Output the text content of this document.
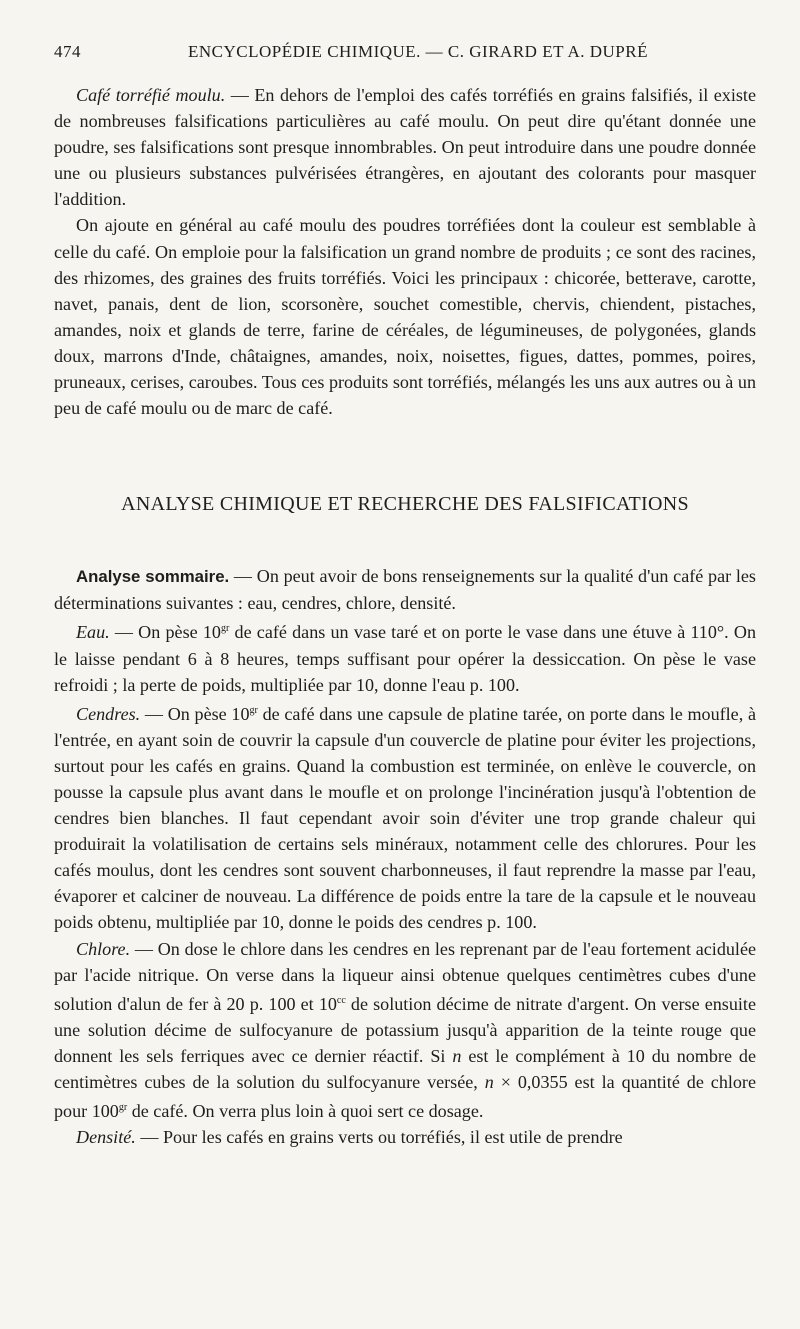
474	ENCYCLOPÉDIE CHIMIQUE. — C. GIRARD ET A. DUPRÉ

Café torréfié moulu. — En dehors de l'emploi des cafés torréfiés en grains falsifiés, il existe de nombreuses falsifications particulières au café moulu. On peut dire qu'étant donnée une poudre, ses falsifications sont presque innombrables. On peut introduire dans une poudre donnée une ou plusieurs substances pulvérisées étrangères, en ajoutant des colorants pour masquer l'addition.

On ajoute en général au café moulu des poudres torréfiées dont la couleur est semblable à celle du café. On emploie pour la falsification un grand nombre de produits ; ce sont des racines, des rhizomes, des graines des fruits torréfiés. Voici les principaux : chicorée, betterave, carotte, navet, panais, dent de lion, scorsonère, souchet comestible, chervis, chiendent, pistaches, amandes, noix et glands de terre, farine de céréales, de légumineuses, de polygonées, glands doux, marrons d'Inde, châtaignes, amandes, noix, noisettes, figues, dattes, pommes, poires, pruneaux, cerises, caroubes. Tous ces produits sont torréfiés, mélangés les uns aux autres ou à un peu de café moulu ou de marc de café.

ANALYSE CHIMIQUE ET RECHERCHE DES FALSIFICATIONS

Analyse sommaire. — On peut avoir de bons renseignements sur la qualité d'un café par les déterminations suivantes : eau, cendres, chlore, densité.

Eau. — On pèse $10^{gr}$ de café dans un vase taré et on porte le vase dans une étuve à 110°. On le laisse pendant 6 à 8 heures, temps suffisant pour opérer la dessiccation. On pèse le vase refroidi ; la perte de poids, multipliée par 10, donne l'eau p. 100.

Cendres. — On pèse $10^{gr}$ de café dans une capsule de platine tarée, on porte dans le moufle, à l'entrée, en ayant soin de couvrir la capsule d'un couvercle de platine pour éviter les projections, surtout pour les cafés en grains. Quand la combustion est terminée, on enlève le couvercle, on pousse la capsule plus avant dans le moufle et on prolonge l'incinération jusqu'à l'obtention de cendres bien blanches. Il faut cependant avoir soin d'éviter une trop grande chaleur qui produirait la volatilisation de certains sels minéraux, notamment celle des chlorures. Pour les cafés moulus, dont les cendres sont souvent charbonneuses, il faut reprendre la masse par l'eau, évaporer et calciner de nouveau. La différence de poids entre la tare de la capsule et le nouveau poids obtenu, multipliée par 10, donne le poids des cendres p. 100.

Chlore. — On dose le chlore dans les cendres en les reprenant par de l'eau fortement acidulée par l'acide nitrique. On verse dans la liqueur ainsi obtenue quelques centimètres cubes d'une solution d'alun de fer à 20 p. 100 et $10^{cc}$ de solution décime de nitrate d'argent. On verse ensuite une solution décime de sulfocyanure de potassium jusqu'à apparition de la teinte rouge que donnent les sels ferriques avec ce dernier réactif. Si n est le complément à 10 du nombre de centimètres cubes de la solution du sulfocyanure versée, n × 0,0355 est la quantité de chlore pour $100^{gr}$ de café. On verra plus loin à quoi sert ce dosage.

Densité. — Pour les cafés en grains verts ou torréfiés, il est utile de prendre
